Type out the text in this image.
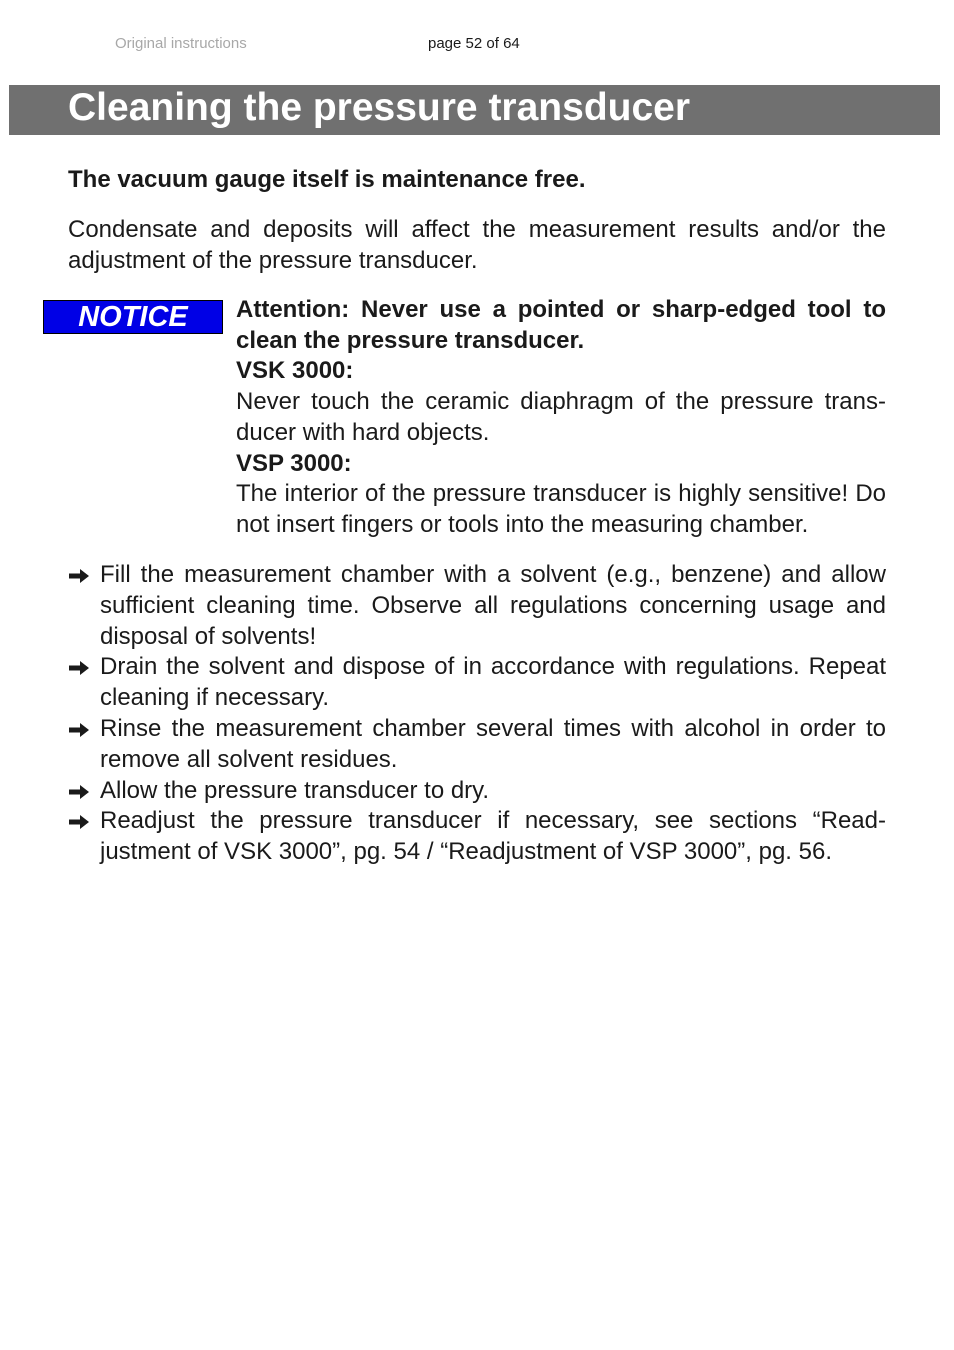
Original instructions	page 52 of 64
Cleaning the pressure transducer
The vacuum gauge itself is maintenance free.
Condensate and deposits will affect the measurement results and/or the adjustment of the pressure transducer.
NOTICE	Attention: Never use a pointed or sharp-edged tool to clean the pressure transducer.
VSK 3000:
Never touch the ceramic diaphragm of the pressure transducer with hard objects.
VSP 3000:
The interior of the pressure transducer is highly sensitive! Do not insert fingers or tools into the measuring chamber.
Fill the measurement chamber with a solvent (e.g., benzene) and allow sufficient cleaning time. Observe all regulations concerning usage and disposal of solvents!
Drain the solvent and dispose of in accordance with regulations. Repeat cleaning if necessary.
Rinse the measurement chamber several times with alcohol in order to remove all solvent residues.
Allow the pressure transducer to dry.
Readjust the pressure transducer if necessary, see sections “Readjustment of VSK 3000”, pg. 54 / “Readjustment of VSP 3000”, pg. 56.
